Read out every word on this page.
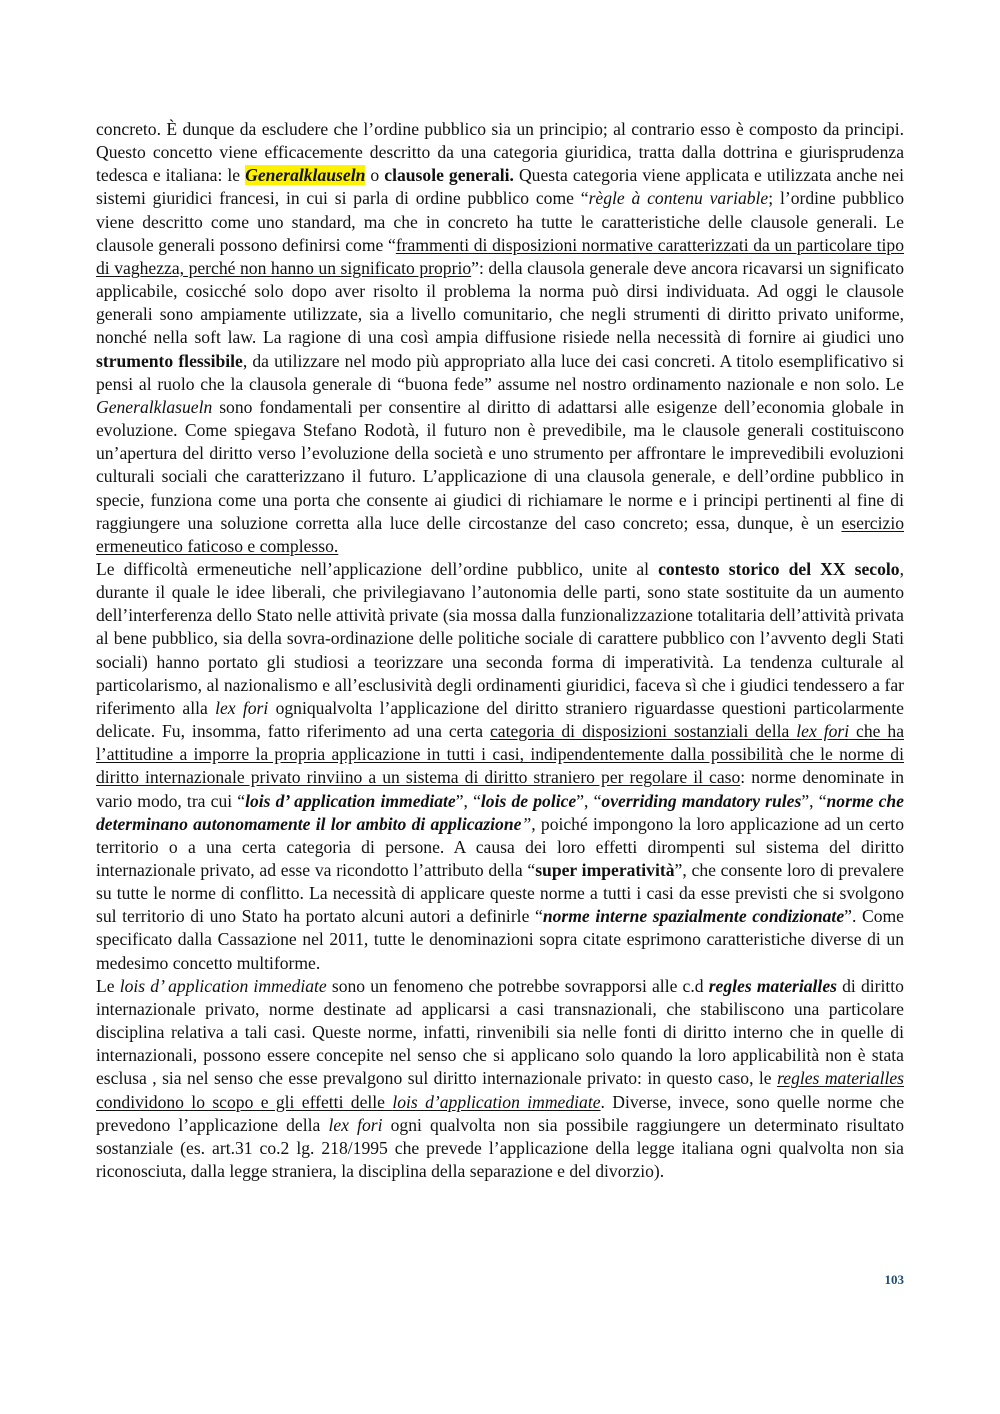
concreto. È dunque da escludere che l’ordine pubblico sia un principio; al contrario esso è composto da principi. Questo concetto viene efficacemente descritto da una categoria giuridica, tratta dalla dottrina e giurisprudenza tedesca e italiana: le Generalklauseln o clausole generali. Questa categoria viene applicata e utilizzata anche nei sistemi giuridici francesi, in cui si parla di ordine pubblico come “règle à contenu variable; l’ordine pubblico viene descritto come uno standard, ma che in concreto ha tutte le caratteristiche delle clausole generali. Le clausole generali possono definirsi come “frammenti di disposizioni normative caratterizzati da un particolare tipo di vaghezza, perché non hanno un significato proprio”: della clausola generale deve ancora ricavarsi un significato applicabile, cosicché solo dopo aver risolto il problema la norma può dirsi individuata. Ad oggi le clausole generali sono ampiamente utilizzate, sia a livello comunitario, che negli strumenti di diritto privato uniforme, nonché nella soft law. La ragione di una così ampia diffusione risiede nella necessità di fornire ai giudici uno strumento flessibile, da utilizzare nel modo più appropriato alla luce dei casi concreti. A titolo esemplificativo si pensi al ruolo che la clausola generale di “buona fede” assume nel nostro ordinamento nazionale e non solo. Le Generalklasueln sono fondamentali per consentire al diritto di adattarsi alle esigenze dell’economia globale in evoluzione. Come spiegava Stefano Rodotà, il futuro non è prevedibile, ma le clausole generali costituiscono un’apertura del diritto verso l’evoluzione della società e uno strumento per affrontare le imprevedibili evoluzioni culturali sociali che caratterizzano il futuro. L’applicazione di una clausola generale, e dell’ordine pubblico in specie, funziona come una porta che consente ai giudici di richiamare le norme e i principi pertinenti al fine di raggiungere una soluzione corretta alla luce delle circostanze del caso concreto; essa, dunque, è un esercizio ermeneutico faticoso e complesso.

Le difficoltà ermeneutiche nell’applicazione dell’ordine pubblico, unite al contesto storico del XX secolo, durante il quale le idee liberali, che privilegiavano l’autonomia delle parti, sono state sostituite da un aumento dell’interferenza dello Stato nelle attività private (sia mossa dalla funzionalizzazione totalitaria dell’attività privata al bene pubblico, sia della sovra-ordinazione delle politiche sociale di carattere pubblico con l’avvento degli Stati sociali) hanno portato gli studiosi a teorizzare una seconda forma di imperatività. La tendenza culturale al particolarismo, al nazionalismo e all’esclusività degli ordinamenti giuridici, faceva sì che i giudici tendessero a far riferimento alla lex fori ogniqualvolta l’applicazione del diritto straniero riguardasse questioni particolarmente delicate. Fu, insomma, fatto riferimento ad una certa categoria di disposizioni sostanziali della lex fori che ha l’attitudine a imporre la propria applicazione in tutti i casi, indipendentemente dalla possibilità che le norme di diritto internazionale privato rinviino a un sistema di diritto straniero per regolare il caso: norme denominate in vario modo, tra cui “lois d’ application immediate”, “lois de police”, “overriding mandatory rules”, “norme che determinano autonomamente il lor ambito di applicazione”, poiché impongono la loro applicazione ad un certo territorio o a una certa categoria di persone. A causa dei loro effetti dirompenti sul sistema del diritto internazionale privato, ad esse va ricondotto l’attributo della “super imperatività”, che consente loro di prevalere su tutte le norme di conflitto. La necessità di applicare queste norme a tutti i casi da esse previsti che si svolgono sul territorio di uno Stato ha portato alcuni autori a definirle “norme interne spazialmente condizionate”. Come specificato dalla Cassazione nel 2011, tutte le denominazioni sopra citate esprimono caratteristiche diverse di un medesimo concetto multiforme.

Le lois d’ application immediate sono un fenomeno che potrebbe sovrapporsi alle c.d regles materialles di diritto internazionale privato, norme destinate ad applicarsi a casi transnazionali, che stabiliscono una particolare disciplina relativa a tali casi. Queste norme, infatti, rinvenibili sia nelle fonti di diritto interno che in quelle di internazionali, possono essere concepite nel senso che si applicano solo quando la loro applicabilità non è stata esclusa , sia nel senso che esse prevalgono sul diritto internazionale privato: in questo caso, le regles materialles condividono lo scopo e gli effetti delle lois d’application immediate. Diverse, invece, sono quelle norme che prevedono l’applicazione della lex fori ogni qualvolta non sia possibile raggiungere un determinato risultato sostanziale (es. art.31 co.2 lg. 218/1995 che prevede l’applicazione della legge italiana ogni qualvolta non sia riconosciuta, dalla legge straniera, la disciplina della separazione e del divorzio).

103
